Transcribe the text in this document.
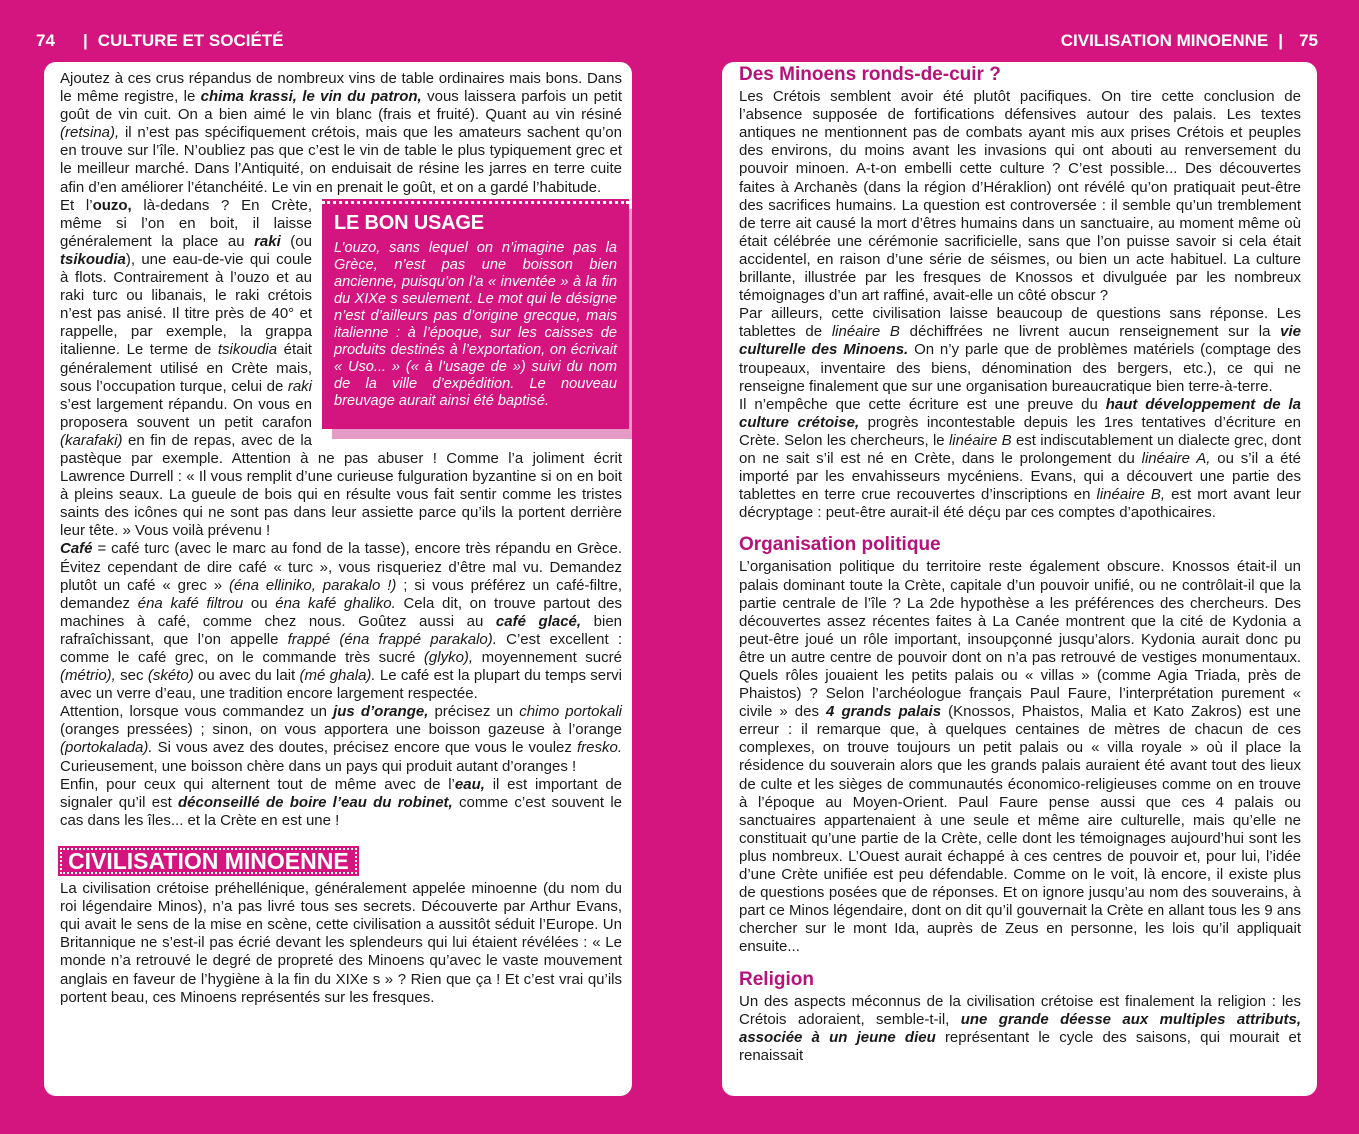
74 | CULTURE ET SOCIÉTÉ	CIVILISATION MINOENNE | 75

Ajoutez à ces crus répandus de nombreux vins de table ordinaires mais bons. Dans le même registre, le chima krassi, le vin du patron, vous laissera parfois un petit goût de vin cuit. On a bien aimé le vin blanc (frais et fruité). Quant au vin résiné (retsina), il n’est pas spécifiquement crétois, mais que les amateurs sachent qu’on en trouve sur l’île. N’oubliez pas que c’est le vin de table le plus typiquement grec et le meilleur marché. Dans l’Antiquité, on enduisait de résine les jarres en terre cuite afin d’en améliorer l’étanchéité. Le vin en prenait le goût, et on a gardé l’habitude.

LE BON USAGE
L’ouzo, sans lequel on n’imagine pas la Grèce, n’est pas une boisson bien ancienne, puisqu’on l’a « inventée » à la fin du XIXe s seulement. Le mot qui le désigne n’est d’ailleurs pas d’origine grecque, mais italienne : à l’époque, sur les caisses de produits destinés à l’exportation, on écrivait « Uso... » (« à l’usage de ») suivi du nom de la ville d’expédition. Le nouveau breuvage aurait ainsi été baptisé.

Et l’ouzo, là-dedans ? En Crète, même si l’on en boit, il laisse généralement la place au raki (ou tsikoudia), une eau-de-vie qui coule à flots. Contrairement à l’ouzo et au raki turc ou libanais, le raki crétois n’est pas anisé. Il titre près de 40° et rappelle, par exemple, la grappa italienne. Le terme de tsikoudia était généralement utilisé en Crète mais, sous l’occupation turque, celui de raki s’est largement répandu. On vous en proposera souvent un petit carafon (karafaki) en fin de repas, avec de la pastèque par exemple. Attention à ne pas abuser ! Comme l’a joliment écrit Lawrence Durrell : « Il vous remplit d’une curieuse fulguration byzantine si on en boit à pleins seaux. La gueule de bois qui en résulte vous fait sentir comme les tristes saints des icônes qui ne sont pas dans leur assiette parce qu’ils la portent derrière leur tête. » Vous voilà prévenu !

Café = café turc (avec le marc au fond de la tasse), encore très répandu en Grèce. Évitez cependant de dire café « turc », vous risqueriez d’être mal vu. Demandez plutôt un café « grec » (éna elliniko, parakalo !) ; si vous préférez un café-filtre, demandez éna kafé filtrou ou éna kafé ghaliko. Cela dit, on trouve partout des machines à café, comme chez nous. Goûtez aussi au café glacé, bien rafraîchissant, que l’on appelle frappé (éna frappé parakalo). C’est excellent : comme le café grec, on le commande très sucré (glyko), moyennement sucré (métrio), sec (skéto) ou avec du lait (mé ghala). Le café est la plupart du temps servi avec un verre d’eau, une tradition encore largement respectée.

Attention, lorsque vous commandez un jus d’orange, précisez un chimo portokali (oranges pressées) ; sinon, on vous apportera une boisson gazeuse à l’orange (portokalada). Si vous avez des doutes, précisez encore que vous le voulez fresko. Curieusement, une boisson chère dans un pays qui produit autant d’oranges !

Enfin, pour ceux qui alternent tout de même avec de l’eau, il est important de signaler qu’il est déconseillé de boire l’eau du robinet, comme c’est souvent le cas dans les îles... et la Crète en est une !

CIVILISATION MINOENNE

La civilisation crétoise préhellénique, généralement appelée minoenne (du nom du roi légendaire Minos), n’a pas livré tous ses secrets. Découverte par Arthur Evans, qui avait le sens de la mise en scène, cette civilisation a aussitôt séduit l’Europe. Un Britannique ne s’est-il pas écrié devant les splendeurs qui lui étaient révélées : « Le monde n’a retrouvé le degré de propreté des Minoens qu’avec le vaste mouvement anglais en faveur de l’hygiène à la fin du XIXe s » ? Rien que ça ! Et c’est vrai qu’ils portent beau, ces Minoens représentés sur les fresques.

Des Minoens ronds-de-cuir ?

Les Crétois semblent avoir été plutôt pacifiques. On tire cette conclusion de l’absence supposée de fortifications défensives autour des palais. Les textes antiques ne mentionnent pas de combats ayant mis aux prises Crétois et peuples des environs, du moins avant les invasions qui ont abouti au renversement du pouvoir minoen. A-t-on embelli cette culture ? C’est possible... Des découvertes faites à Archanès (dans la région d’Héraklion) ont révélé qu’on pratiquait peut-être des sacrifices humains. La question est controversée : il semble qu’un tremblement de terre ait causé la mort d’êtres humains dans un sanctuaire, au moment même où était célébrée une cérémonie sacrificielle, sans que l’on puisse savoir si cela était accidentel, en raison d’une série de séismes, ou bien un acte habituel. La culture brillante, illustrée par les fresques de Knossos et divulguée par les nombreux témoignages d’un art raffiné, avait-elle un côté obscur ?

Par ailleurs, cette civilisation laisse beaucoup de questions sans réponse. Les tablettes de linéaire B déchiffrées ne livrent aucun renseignement sur la vie culturelle des Minoens. On n’y parle que de problèmes matériels (comptage des troupeaux, inventaire des biens, dénomination des bergers, etc.), ce qui ne renseigne finalement que sur une organisation bureaucratique bien terre-à-terre.

Il n’empêche que cette écriture est une preuve du haut développement de la culture crétoise, progrès incontestable depuis les 1res tentatives d’écriture en Crète. Selon les chercheurs, le linéaire B est indiscutablement un dialecte grec, dont on ne sait s’il est né en Crète, dans le prolongement du linéaire A, ou s’il a été importé par les envahisseurs mycéniens. Evans, qui a découvert une partie des tablettes en terre crue recouvertes d’inscriptions en linéaire B, est mort avant leur décryptage : peut-être aurait-il été déçu par ces comptes d’apothicaires.

Organisation politique

L’organisation politique du territoire reste également obscure. Knossos était-il un palais dominant toute la Crète, capitale d’un pouvoir unifié, ou ne contrôlait-il que la partie centrale de l’île ? La 2de hypothèse a les préférences des chercheurs. Des découvertes assez récentes faites à La Canée montrent que la cité de Kydonia a peut-être joué un rôle important, insoupçonné jusqu’alors. Kydonia aurait donc pu être un autre centre de pouvoir dont on n’a pas retrouvé de vestiges monumentaux. Quels rôles jouaient les petits palais ou « villas » (comme Agia Triada, près de Phaistos) ? Selon l’archéologue français Paul Faure, l’interprétation purement « civile » des 4 grands palais (Knossos, Phaistos, Malia et Kato Zakros) est une erreur : il remarque que, à quelques centaines de mètres de chacun de ces complexes, on trouve toujours un petit palais ou « villa royale » où il place la résidence du souverain alors que les grands palais auraient été avant tout des lieux de culte et les sièges de communautés économico-religieuses comme on en trouve à l’époque au Moyen-Orient. Paul Faure pense aussi que ces 4 palais ou sanctuaires appartenaient à une seule et même aire culturelle, mais qu’elle ne constituait qu’une partie de la Crète, celle dont les témoignages aujourd’hui sont les plus nombreux. L’Ouest aurait échappé à ces centres de pouvoir et, pour lui, l’idée d’une Crète unifiée est peu défendable. Comme on le voit, là encore, il existe plus de questions posées que de réponses. Et on ignore jusqu’au nom des souverains, à part ce Minos légendaire, dont on dit qu’il gouvernait la Crète en allant tous les 9 ans chercher sur le mont Ida, auprès de Zeus en personne, les lois qu’il appliquait ensuite...

Religion

Un des aspects méconnus de la civilisation crétoise est finalement la religion : les Crétois adoraient, semble-t-il, une grande déesse aux multiples attributs, associée à un jeune dieu représentant le cycle des saisons, qui mourait et renaissait
